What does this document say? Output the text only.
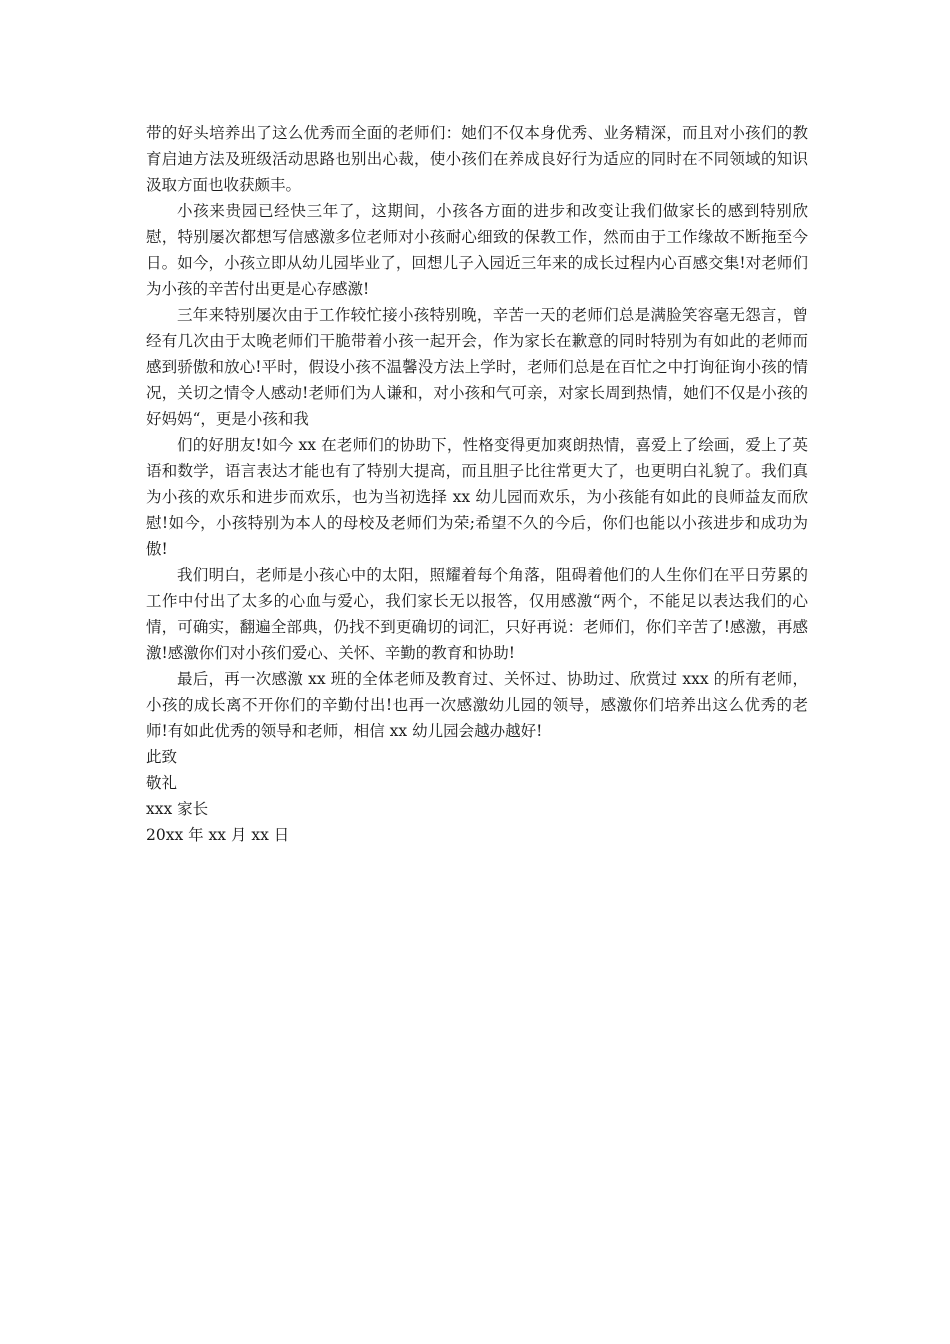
带的好头培养出了这么优秀而全面的老师们：她们不仅本身优秀、业务精深，而且对小孩们的教育启迪方法及班级活动思路也别出心裁，使小孩们在养成良好行为适应的同时在不同领域的知识汲取方面也收获颇丰。

小孩来贵园已经快三年了，这期间，小孩各方面的进步和改变让我们做家长的感到特别欣慰，特别屡次都想写信感激多位老师对小孩耐心细致的保教工作，然而由于工作缘故不断拖至今日。如今，小孩立即从幼儿园毕业了，回想儿子入园近三年来的成长过程内心百感交集!对老师们为小孩的辛苦付出更是心存感激!

三年来特别屡次由于工作较忙接小孩特别晚，辛苦一天的老师们总是满脸笑容毫无怨言，曾经有几次由于太晚老师们干脆带着小孩一起开会，作为家长在歉意的同时特别为有如此的老师而感到骄傲和放心!平时，假设小孩不温馨没方法上学时，老师们总是在百忙之中打询征询小孩的情况，关切之情令人感动!老师们为人谦和，对小孩和气可亲，对家长周到热情，她们不仅是小孩的好妈妈“，更是小孩和我

们的好朋友!如今 xx 在老师们的协助下，性格变得更加爽朗热情，喜爱上了绘画，爱上了英语和数学，语言表达才能也有了特别大提高，而且胆子比往常更大了，也更明白礼貌了。我们真为小孩的欢乐和进步而欢乐，也为当初选择 xx 幼儿园而欢乐，为小孩能有如此的良师益友而欣慰!如今，小孩特别为本人的母校及老师们为荣;希望不久的今后，你们也能以小孩进步和成功为傲!

我们明白，老师是小孩心中的太阳，照耀着每个角落，阻碍着他们的人生你们在平日劳累的工作中付出了太多的心血与爱心，我们家长无以报答，仅用感激“两个，不能足以表达我们的心情，可确实，翻遍全部典，仍找不到更确切的词汇，只好再说：老师们，你们辛苦了!感激，再感激!感激你们对小孩们爱心、关怀、辛勤的教育和协助!

最后，再一次感激 xx 班的全体老师及教育过、关怀过、协助过、欣赏过 xxx 的所有老师，小孩的成长离不开你们的辛勤付出!也再一次感激幼儿园的领导，感激你们培养出这么优秀的老师!有如此优秀的领导和老师，相信 xx 幼儿园会越办越好!

此致

敬礼

xxx 家长

20xx 年 xx 月 xx 日
